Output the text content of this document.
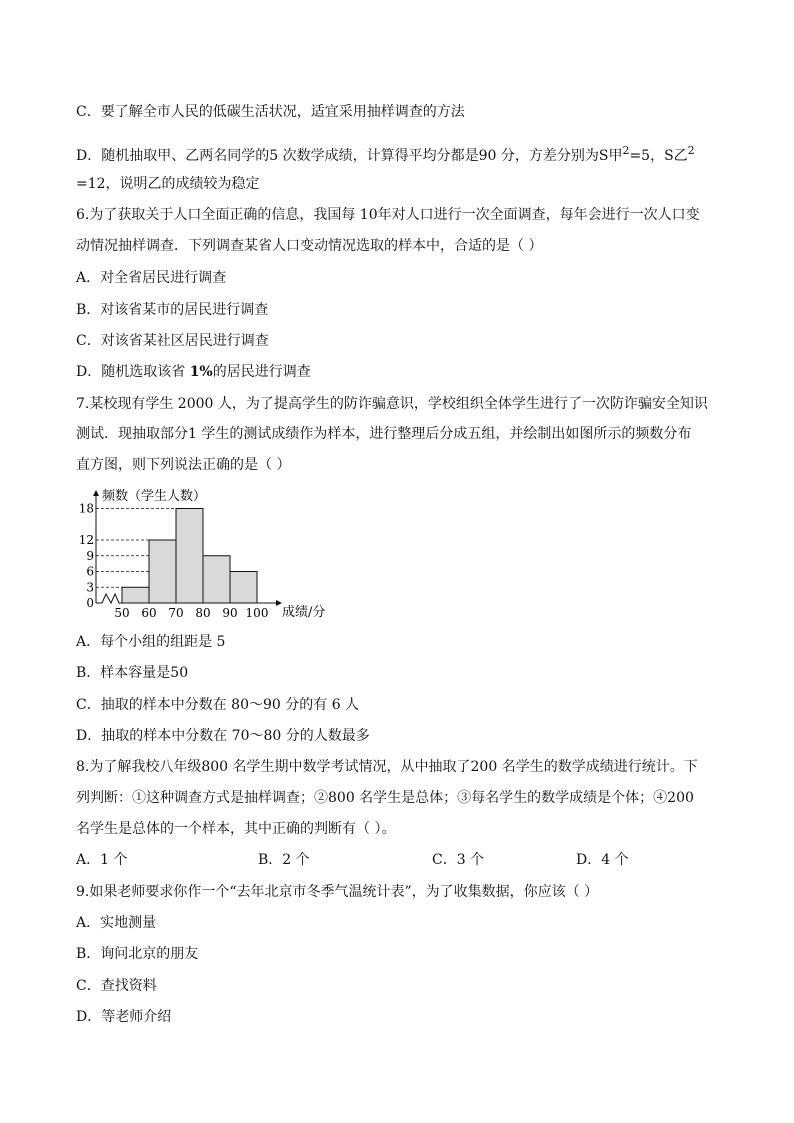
C．要了解全市人民的低碳生活状况，适宜采用抽样调查的方法
D．随机抽取甲、乙两名同学的5 次数学成绩，计算得平均分都是90 分，方差分别为S甲$^2$=5，S乙$^2$
=12，说明乙的成绩较为稳定
6.为了获取关于人口全面正确的信息，我国每 10年对人口进行一次全面调查，每年会进行一次人口变
动情况抽样调查．下列调查某省人口变动情况选取的样本中，合适的是（ ）
A．对全省居民进行调查
B．对该省某市的居民进行调查
C．对该省某社区居民进行调查
D．随机选取该省 1%的居民进行调查
7.某校现有学生 2000 人，为了提高学生的防诈骗意识，学校组织全体学生进行了一次防诈骗安全知识
测试．现抽取部分1 学生的测试成绩作为样本，进行整理后分成五组，并绘制出如图所示的频数分布
直方图，则下列说法正确的是（ ）
频数（学生人数）
成绩/分
0
3
6
9
12
18
50 60 70 80 90 100
A．每个小组的组距是 5
B．样本容量是50
C．抽取的样本中分数在 80～90 分的有 6 人
D．抽取的样本中分数在 70～80 分的人数最多
8.为了解我校八年级800 名学生期中数学考试情况，从中抽取了200 名学生的数学成绩进行统计。下
列判断：①这种调查方式是抽样调查；②800 名学生是总体；③每名学生的数学成绩是个体；④200
名学生是总体的一个样本，其中正确的判断有（ ）。
A．1 个	B．2 个	C．3 个	D．4 个
9.如果老师要求你作一个“去年北京市冬季气温统计表”，为了收集数据，你应该（ ）
A．实地测量
B．询问北京的朋友
C．查找资料
D．等老师介绍
